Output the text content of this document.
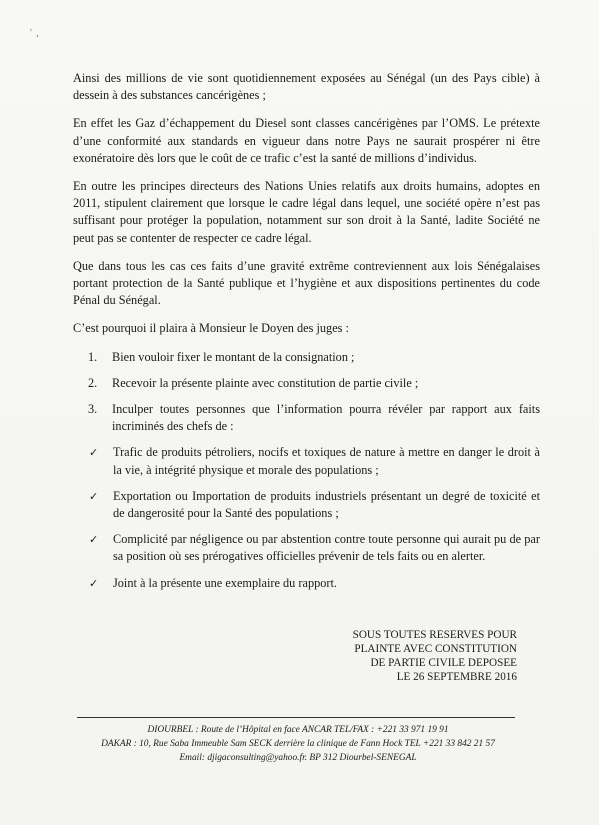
' ,

Ainsi des millions de vie sont quotidiennement exposées au Sénégal (un des Pays cible) à dessein à des substances cancérigènes ;

En effet les Gaz d’échappement du Diesel sont classes cancérigènes par l’OMS. Le prétexte d’une conformité aux standards en vigueur dans notre Pays ne saurait prospérer ni être exonératoire dès lors que le coût de ce trafic c’est la santé de millions d’individus.

En outre les principes directeurs des Nations Unies relatifs aux droits humains, adoptes en 2011, stipulent clairement que lorsque le cadre légal dans lequel, une société opère n’est pas suffisant pour protéger la population, notamment sur son droit à la Santé, ladite Société ne peut pas se contenter de respecter ce cadre légal.

Que dans tous les cas ces faits d’une gravité extrême contreviennent aux lois Sénégalaises portant protection de la Santé publique et l’hygiène et aux dispositions pertinentes du code Pénal du Sénégal.

C’est pourquoi il plaira à Monsieur le Doyen des juges :

1.	Bien vouloir fixer le montant de la consignation ;
2.	Recevoir la présente plainte avec constitution de partie civile ;
3.	Inculper toutes personnes que l’information pourra révéler par rapport aux faits incriminés des chefs de :
✓	Trafic de produits pétroliers, nocifs et toxiques de nature à mettre en danger le droit à la vie, à intégrité physique et morale des populations ;
✓	Exportation ou Importation de produits industriels présentant un degré de toxicité et de dangerosité pour la Santé des populations ;
✓	Complicité par négligence ou par abstention contre toute personne qui aurait pu de par sa position où ses prérogatives officielles prévenir de tels faits ou en alerter.
✓	Joint à la présente une exemplaire du rapport.
SOUS TOUTES RESERVES POUR
PLAINTE AVEC CONSTITUTION
DE PARTIE CIVILE DEPOSEE
LE 26 SEPTEMBRE 2016
DIOURBEL : Route de l’Hôpital en face ANCAR TEL/FAX : +221 33 971 19 91
DAKAR : 10, Rue Saba Immeuble Sam SECK derrière la clinique de Fann Hock TEL +221 33 842 21 57
Email: djigaconsulting@yahoo.fr. BP 312 Diourbel-SENEGAL
